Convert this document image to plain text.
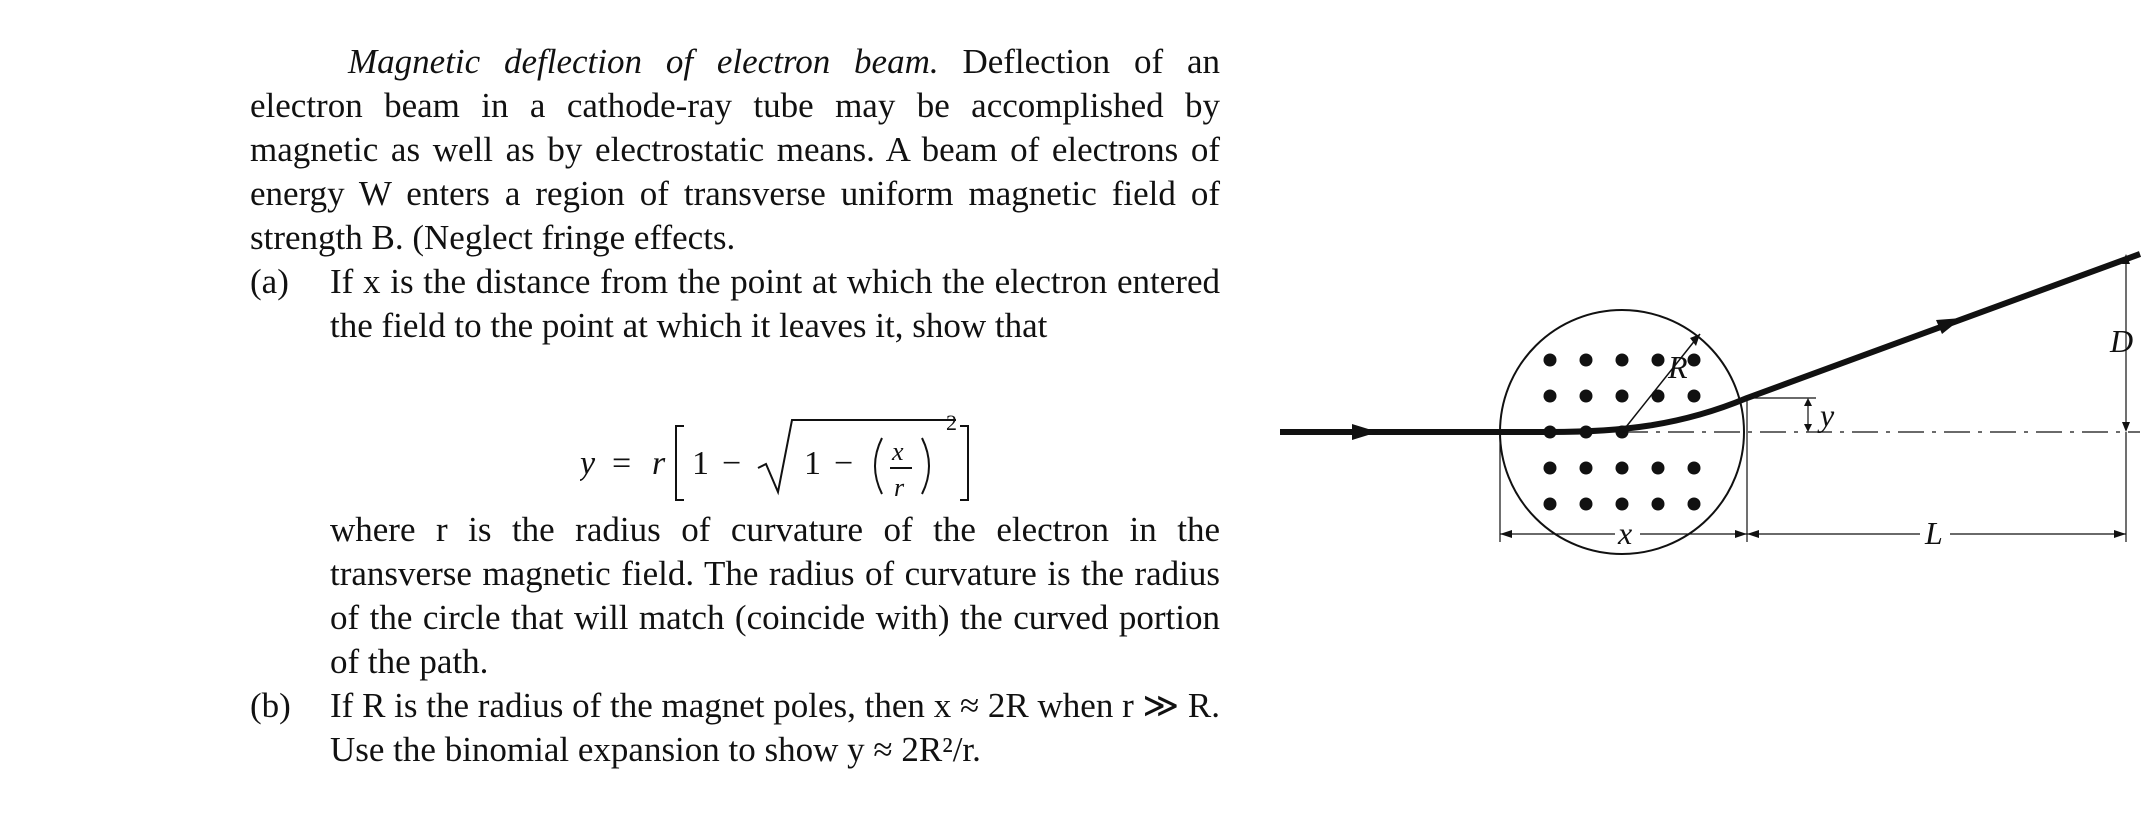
Magnetic deflection of electron beam. Deflection of an electron beam in a cathode-ray tube may be accomplished by magnetic as well as by electrostatic means. A beam of electrons of energy W enters a region of transverse uniform magnetic field of strength B. (Neglect fringe effects.

(a) If x is the distance from the point at which the electron entered the field to the point at which it leaves it, show that

where r is the radius of curvature of the electron in the transverse magnetic field. The radius of curvature is the radius of the circle that will match (coincide with) the curved portion of the path.

(b) If R is the radius of the magnet poles, then x ≈ 2R when r ≫ R. Use the binomial expansion to show y ≈ 2R²/r.
y = r 1 − 1 − x
r
2
R
y
D
x	L
